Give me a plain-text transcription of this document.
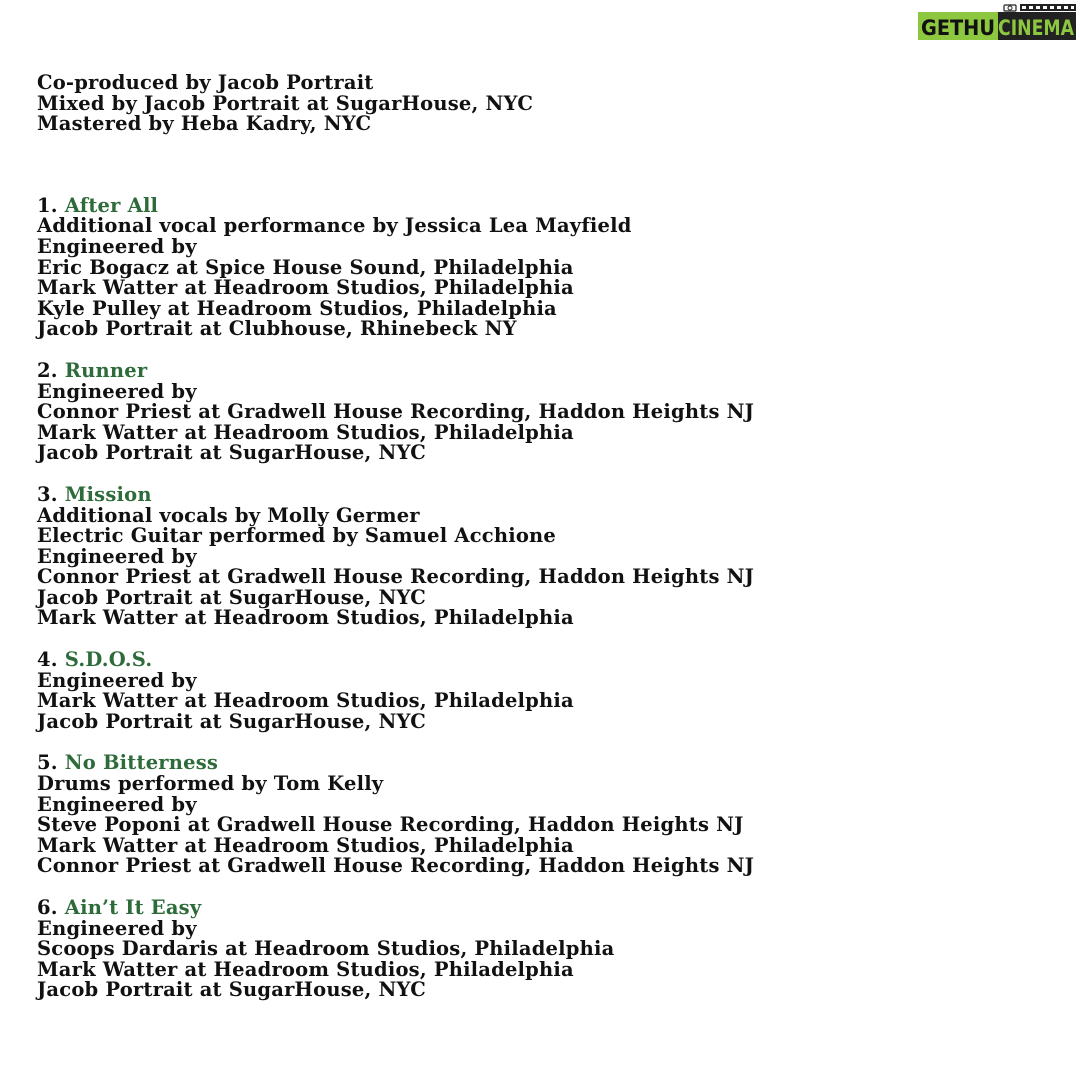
GETHU CINEMA
Co-produced by Jacob Portrait
Mixed by Jacob Portrait at SugarHouse, NYC
Mastered by Heba Kadry, NYC
1. After All
Additional vocal performance by Jessica Lea Mayfield
Engineered by
Eric Bogacz at Spice House Sound, Philadelphia
Mark Watter at Headroom Studios, Philadelphia
Kyle Pulley at Headroom Studios, Philadelphia
Jacob Portrait at Clubhouse, Rhinebeck NY
2. Runner
Engineered by
Connor Priest at Gradwell House Recording, Haddon Heights NJ
Mark Watter at Headroom Studios, Philadelphia
Jacob Portrait at SugarHouse, NYC
3. Mission
Additional vocals by Molly Germer
Electric Guitar performed by Samuel Acchione
Engineered by
Connor Priest at Gradwell House Recording, Haddon Heights NJ
Jacob Portrait at SugarHouse, NYC
Mark Watter at Headroom Studios, Philadelphia
4. S.D.O.S.
Engineered by
Mark Watter at Headroom Studios, Philadelphia
Jacob Portrait at SugarHouse, NYC
5. No Bitterness
Drums performed by Tom Kelly
Engineered by
Steve Poponi at Gradwell House Recording, Haddon Heights NJ
Mark Watter at Headroom Studios, Philadelphia
Connor Priest at Gradwell House Recording, Haddon Heights NJ
6. Ain’t It Easy
Engineered by
Scoops Dardaris at Headroom Studios, Philadelphia
Mark Watter at Headroom Studios, Philadelphia
Jacob Portrait at SugarHouse, NYC
